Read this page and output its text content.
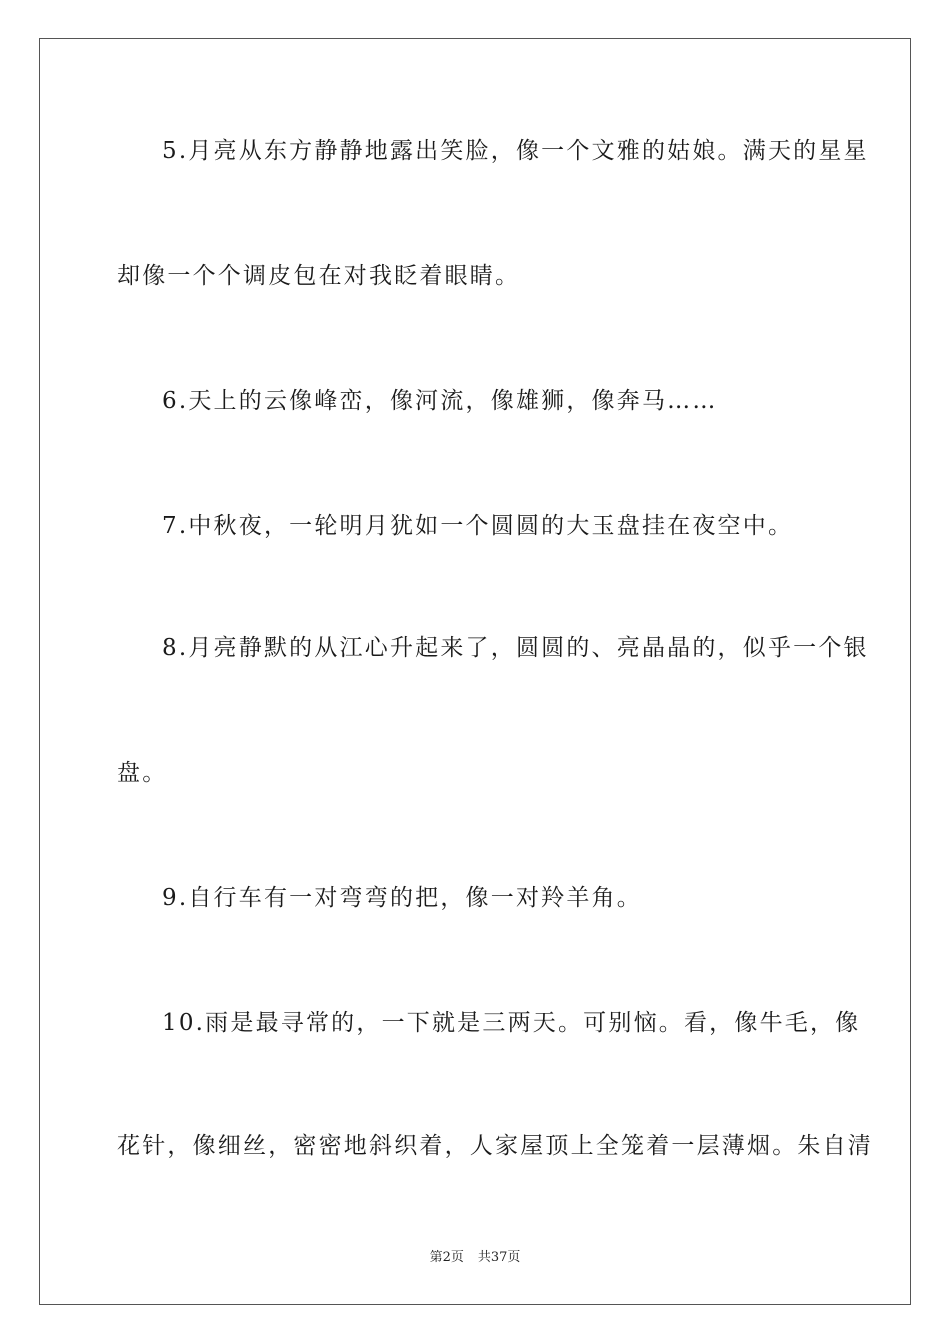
5.月亮从东方静静地露出笑脸，像一个文雅的姑娘。满天的星星
却像一个个调皮包在对我眨着眼睛。
6.天上的云像峰峦，像河流，像雄狮，像奔马……
7.中秋夜，一轮明月犹如一个圆圆的大玉盘挂在夜空中。
8.月亮静默的从江心升起来了，圆圆的、亮晶晶的，似乎一个银
盘。
9.自行车有一对弯弯的把，像一对羚羊角。
10.雨是最寻常的，一下就是三两天。可别恼。看，像牛毛，像
花针，像细丝，密密地斜织着，人家屋顶上全笼着一层薄烟。朱自清
第2页 共37页
